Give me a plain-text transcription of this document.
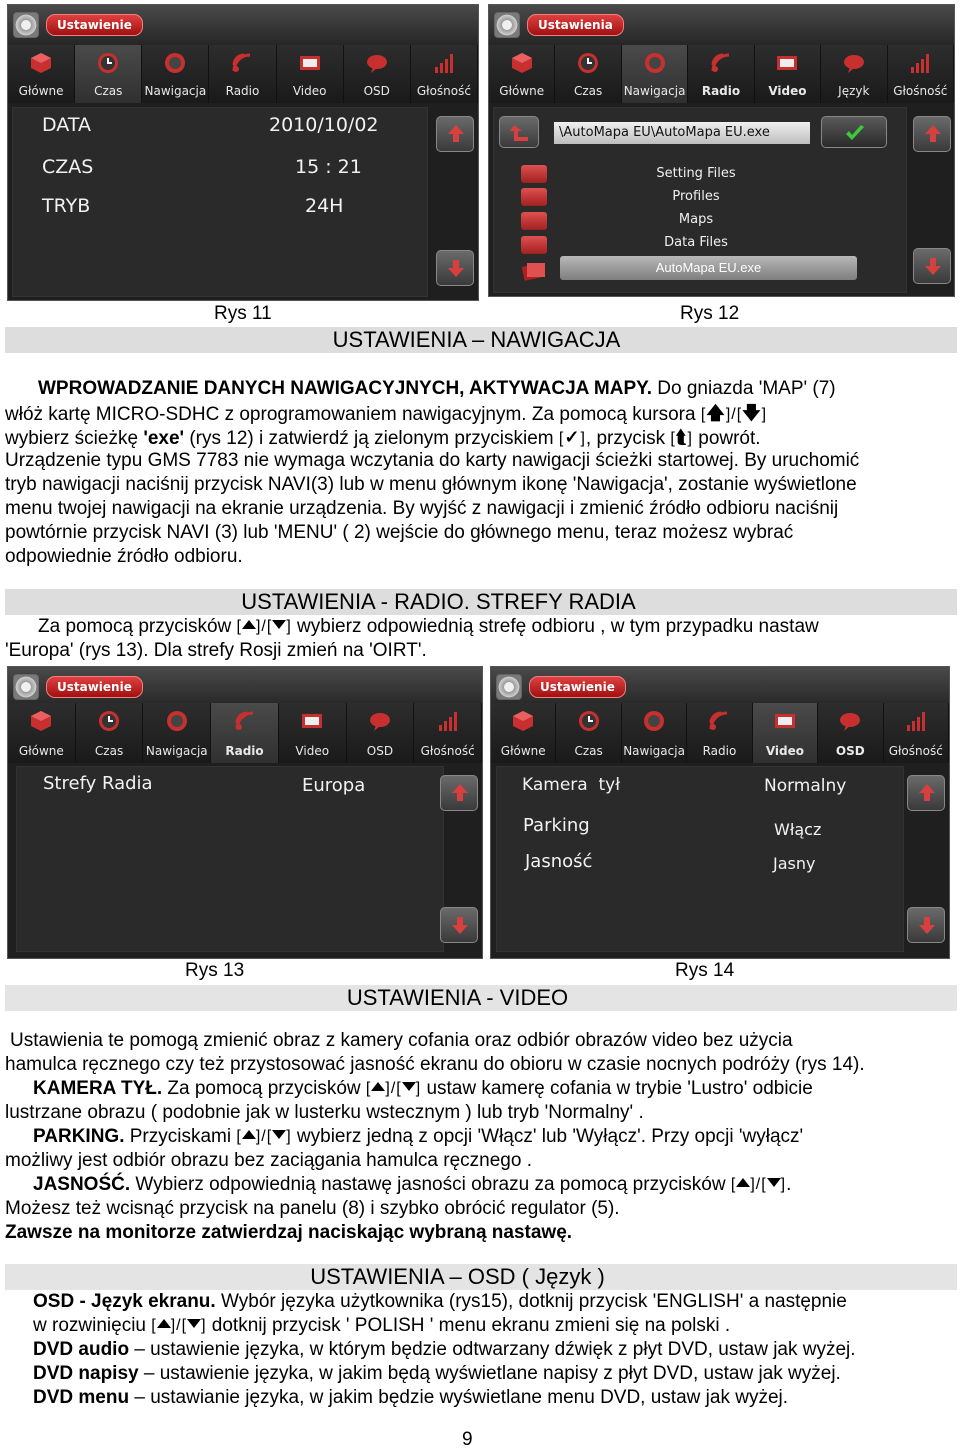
Ustawienie
Główne	Czas	Nawigacja	Radio	Video	OSD	Głośność
DATA	2010/10/02
CZAS	15 : 21
TRYB	24H
Ustawienia
Główne	Czas	Nawigacja	Radio	Video	Język	Głośność
\AutoMapa EU\AutoMapa EU.exe
Setting Files
Profiles
Maps
Data Files
AutoMapa EU.exe
Rys 11	Rys 12
USTAWIENIA – NAWIGACJA
WPROWADZANIE DANYCH NAWIGACYJNYCH, AKTYWACJA MAPY. Do gniazda 'MAP' (7)
włóż kartę MICRO-SDHC z oprogramowaniem nawigacyjnym. Za pomocą kursora [🡅]/[🡇]
wybierz ścieżkę 'exe' (rys 12) i zatwierdź ją zielonym przyciskiem [✓], przycisk [⮬] powrót.
Urządzenie typu GMS 7783 nie wymaga wczytania do karty nawigacji ścieżki startowej. By uruchomić
tryb nawigacji naciśnij przycisk NAVI(3) lub w menu głównym ikonę 'Nawigacja', zostanie wyświetlone
menu twojej nawigacji na ekranie urządzenia. By wyjść z nawigacji i zmienić źródło odbioru naciśnij
powtórnie przycisk NAVI (3) lub 'MENU' ( 2) wejście do głównego menu, teraz możesz wybrać
odpowiednie źródło odbioru.
USTAWIENIA - RADIO. STREFY RADIA
Za pomocą przycisków [ ]/[ ] wybierz odpowiednią strefę odbioru , w tym przypadku nastaw
'Europa' (rys 13). Dla strefy Rosji zmień na 'OIRT'.
Ustawienie
Główne	Czas	Nawigacja	Radio	Video	OSD	Głośność
Strefy Radia	Europa
Ustawienie
Główne	Czas	Nawigacja	Radio	Video	OSD	Głośność
Kamera  tył	Normalny
Parking	Włącz
Jasność	Jasny
Rys 13	Rys 14
USTAWIENIA - VIDEO
Ustawienia te pomogą zmienić obraz z kamery cofania oraz odbiór obrazów video bez użycia
hamulca ręcznego czy też przystosować jasność ekranu do obioru w czasie nocnych podróży (rys 14).
KAMERA TYŁ. Za pomocą przycisków [ ]/[ ] ustaw kamerę cofania w trybie 'Lustro' odbicie
lustrzane obrazu ( podobnie jak w lusterku wstecznym ) lub tryb 'Normalny' .
PARKING. Przyciskami [ ]/[ ] wybierz jedną z opcji 'Włącz' lub 'Wyłącz'. Przy opcji 'wyłącz'
możliwy jest odbiór obrazu bez zaciągania hamulca ręcznego .
JASNOŚĆ. Wybierz odpowiednią nastawę jasności obrazu za pomocą przycisków [ ]/[ ].
Możesz też wcisnąć przycisk na panelu (8) i szybko obrócić regulator (5).
Zawsze na monitorze zatwierdzaj naciskając wybraną nastawę.
USTAWIENIA – OSD ( Język )
OSD - Język ekranu. Wybór języka użytkownika (rys15), dotknij przycisk 'ENGLISH' a następnie
w rozwinięciu [ ]/[ ] dotknij przycisk ' POLISH ' menu ekranu zmieni się na polski .
DVD audio – ustawienie języka, w którym będzie odtwarzany dźwięk z płyt DVD, ustaw jak wyżej.
DVD napisy – ustawienie języka, w jakim będą wyświetlane napisy z płyt DVD, ustaw jak wyżej.
DVD menu – ustawianie języka, w jakim będzie wyświetlane menu DVD, ustaw jak wyżej.
9
